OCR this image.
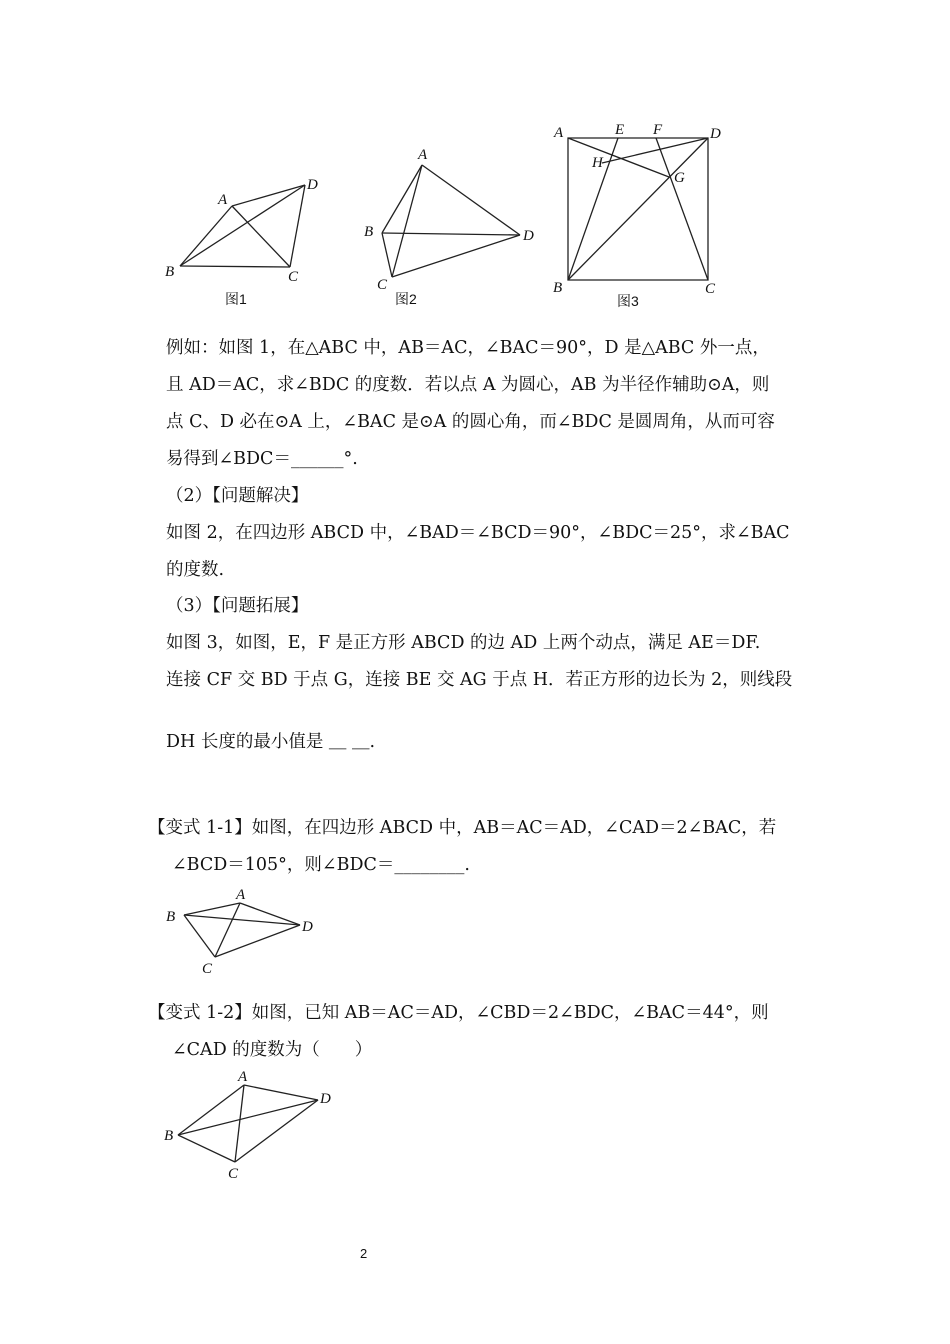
A
B	C
D
图1
A
B
C
D
图2
A	E F	D
H
G
B	C
图3
例如：如图 1，在△ABC 中，AB＝AC，∠BAC＝90°，D 是△ABC 外一点，
且 AD＝AC，求∠BDC 的度数．若以点 A 为圆心，AB 为半径作辅助⊙A，则
点 C、D 必在⊙A 上，∠BAC 是⊙A 的圆心角，而∠BDC 是圆周角，从而可容
易得到∠BDC＝______°.
（2）【问题解决】
如图 2，在四边形 ABCD 中，∠BAD＝∠BCD＝90°，∠BDC＝25°，求∠BAC
的度数.
（3）【问题拓展】
如图 3，如图，E，F 是正方形 ABCD 的边 AD 上两个动点，满足 AE＝DF.
连接 CF 交 BD 于点 G，连接 BE 交 AG 于点 H．若正方形的边长为 2，则线段
DH 长度的最小值是 ＿ ＿.
【变式 1-1】如图，在四边形 ABCD 中，AB＝AC＝AD，∠CAD＝2∠BAC，若
∠BCD＝105°，则∠BDC＝________.
A
B
C
D
【变式 1-2】如图，已知 AB＝AC＝AD，∠CBD＝2∠BDC，∠BAC＝44°，则
∠CAD 的度数为（　　）
A
B
C
D
2
